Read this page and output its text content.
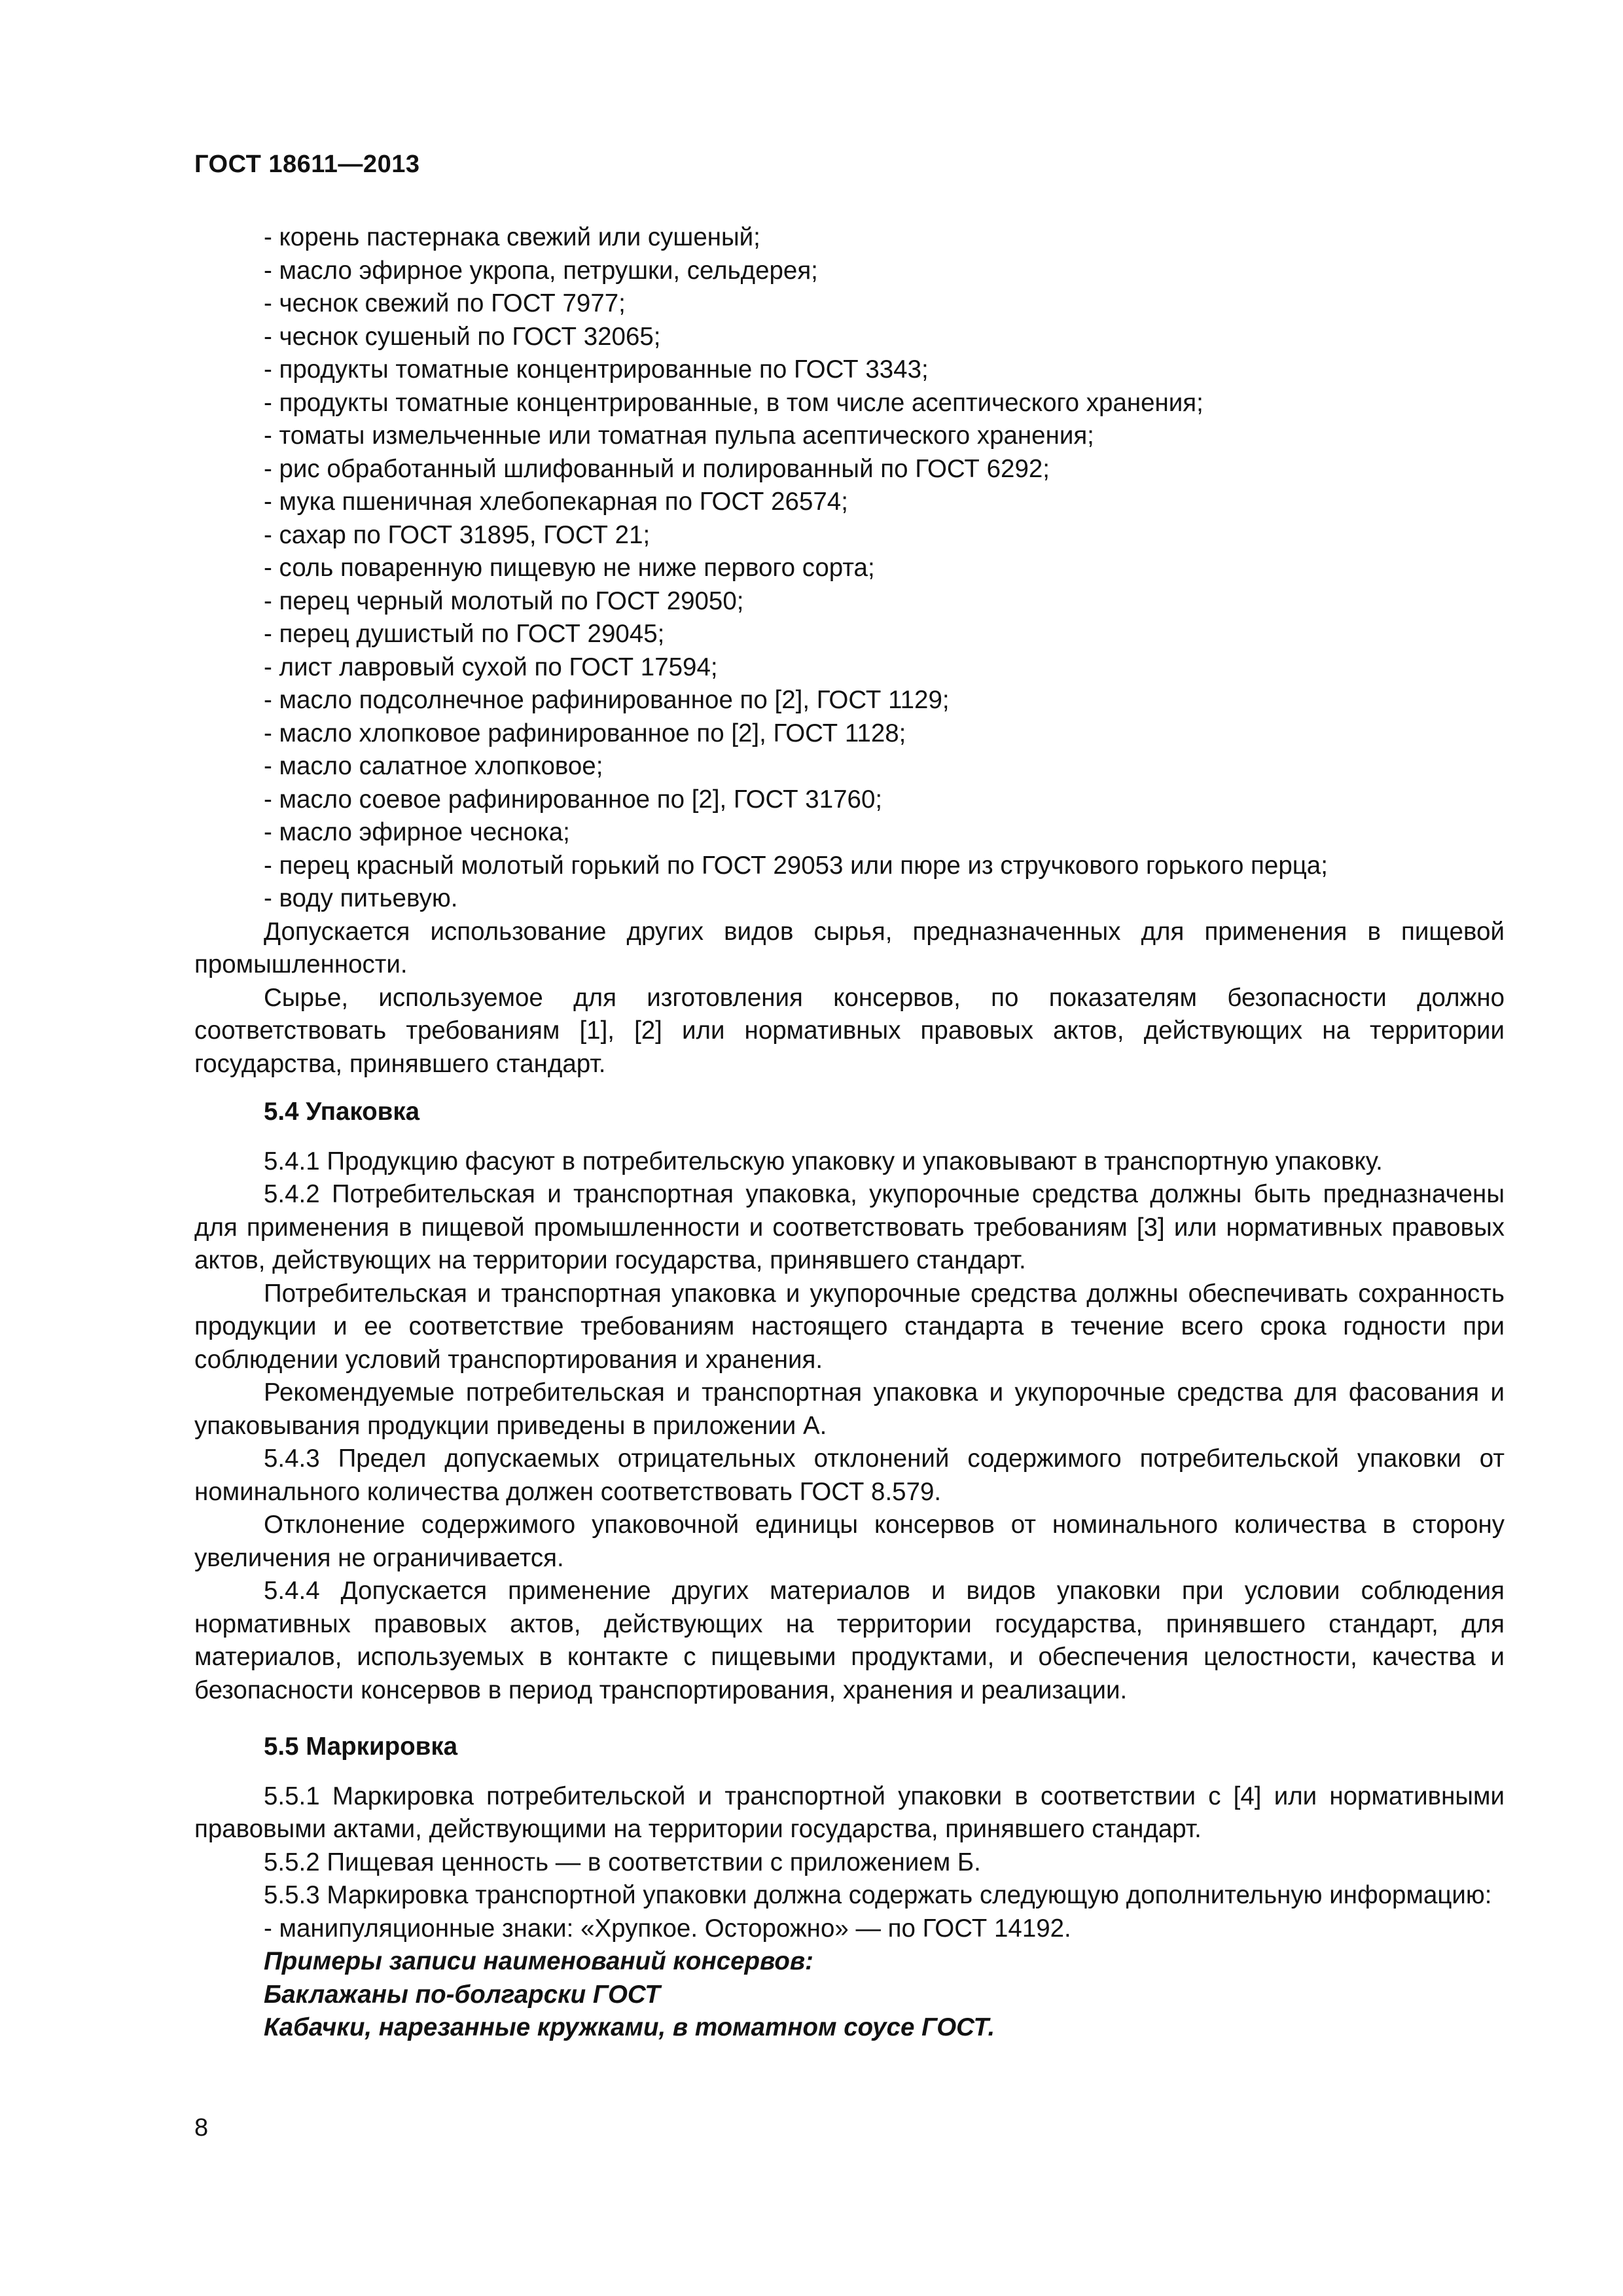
ГОСТ 18611—2013

- корень пастернака свежий или сушеный;

- масло эфирное укропа, петрушки, сельдерея;

- чеснок свежий по ГОСТ 7977;

- чеснок сушеный по ГОСТ 32065;

- продукты томатные концентрированные по ГОСТ 3343;

- продукты томатные концентрированные, в том числе асептического хранения;

- томаты измельченные или томатная пульпа асептического хранения;

- рис обработанный шлифованный и полированный по ГОСТ 6292;

- мука пшеничная хлебопекарная по ГОСТ 26574;

- сахар по ГОСТ 31895, ГОСТ 21;

- соль поваренную пищевую не ниже первого сорта;

- перец черный молотый по ГОСТ 29050;

- перец душистый по ГОСТ 29045;

- лист лавровый сухой по ГОСТ 17594;

- масло подсолнечное рафинированное по [2], ГОСТ 1129;

- масло хлопковое рафинированное по [2], ГОСТ 1128;

- масло салатное хлопковое;

- масло соевое рафинированное по [2], ГОСТ 31760;

- масло эфирное чеснока;

- перец красный молотый горький по ГОСТ 29053 или пюре из стручкового горького перца;

- воду питьевую.

Допускается использование других видов сырья, предназначенных для применения в пищевой промышленности.

Сырье, используемое для изготовления консервов, по показателям безопасности должно соответствовать требованиям [1], [2] или нормативных правовых актов, действующих на территории государства, принявшего стандарт.

5.4 Упаковка

5.4.1 Продукцию фасуют в потребительскую упаковку и упаковывают в транспортную упаковку.

5.4.2 Потребительская и транспортная упаковка, укупорочные средства должны быть предназначены для применения в пищевой промышленности и соответствовать требованиям [3] или нормативных правовых актов, действующих на территории государства, принявшего стандарт.

Потребительская и транспортная упаковка и укупорочные средства должны обеспечивать сохранность продукции и ее соответствие требованиям настоящего стандарта в течение всего срока годности при соблюдении условий транспортирования и хранения.

Рекомендуемые потребительская и транспортная упаковка и укупорочные средства для фасования и упаковывания продукции приведены в приложении А.

5.4.3 Предел допускаемых отрицательных отклонений содержимого потребительской упаковки от номинального количества должен соответствовать ГОСТ 8.579.

Отклонение содержимого упаковочной единицы консервов от номинального количества в сторону увеличения не ограничивается.

5.4.4 Допускается применение других материалов и видов упаковки при условии соблюдения нормативных правовых актов, действующих на территории государства, принявшего стандарт, для материалов, используемых в контакте с пищевыми продуктами, и обеспечения целостности, качества и безопасности консервов в период транспортирования, хранения и реализации.

5.5 Маркировка

5.5.1 Маркировка потребительской и транспортной упаковки в соответствии с [4] или нормативными правовыми актами, действующими на территории государства, принявшего стандарт.

5.5.2 Пищевая ценность — в соответствии с приложением Б.

5.5.3 Маркировка транспортной упаковки должна содержать следующую дополнительную информацию:

- манипуляционные знаки: «Хрупкое. Осторожно» — по ГОСТ 14192.

Примеры записи наименований консервов:

Баклажаны по-болгарски ГОСТ

Кабачки, нарезанные кружками, в томатном соусе ГОСТ.

8
